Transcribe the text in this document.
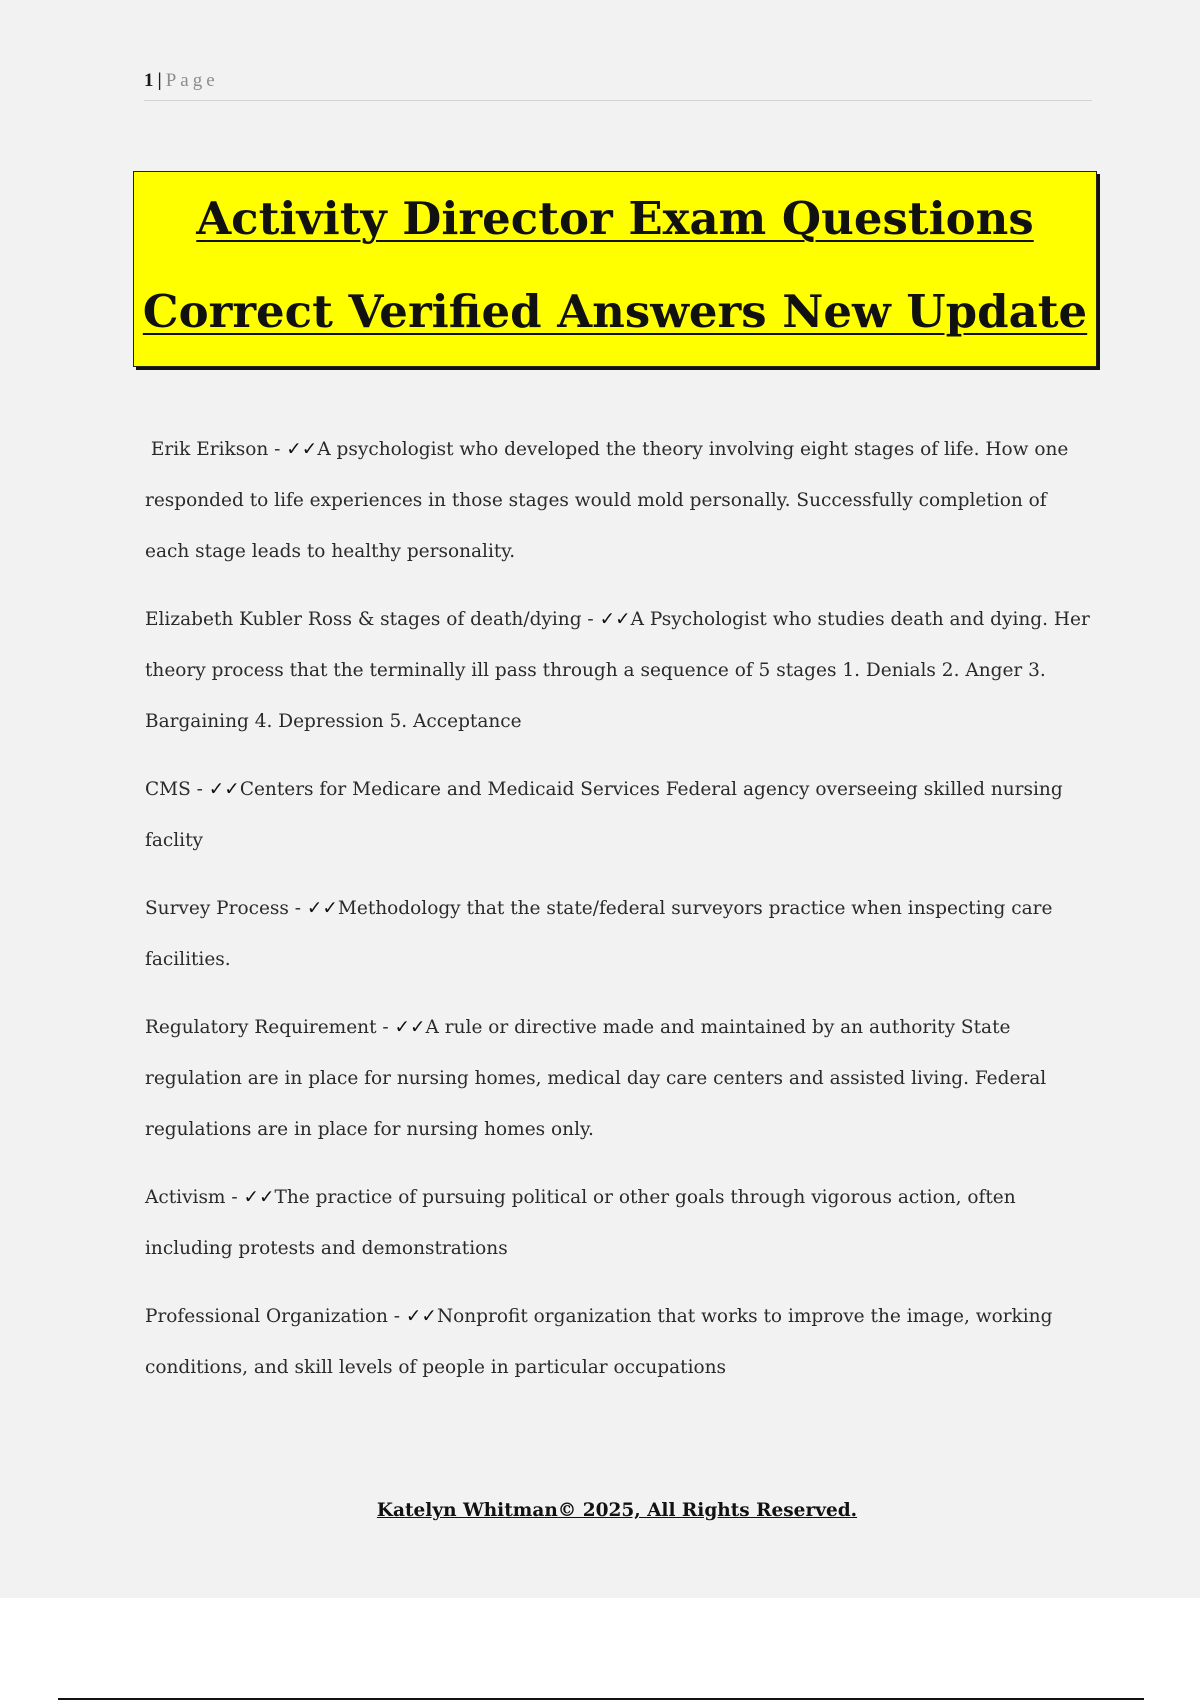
1 | Page
Activity Director Exam Questions
Correct Verified Answers New Update

Erik Erikson - ✓✓A psychologist who developed the theory involving eight stages of life. How one responded to life experiences in those stages would mold personally. Successfully completion of each stage leads to healthy personality.

Elizabeth Kubler Ross & stages of death/dying - ✓✓A Psychologist who studies death and dying. Her theory process that the terminally ill pass through a sequence of 5 stages 1. Denials 2. Anger 3. Bargaining 4. Depression 5. Acceptance

CMS - ✓✓Centers for Medicare and Medicaid Services Federal agency overseeing skilled nursing faclity

Survey Process - ✓✓Methodology that the state/federal surveyors practice when inspecting care facilities.

Regulatory Requirement - ✓✓A rule or directive made and maintained by an authority State regulation are in place for nursing homes, medical day care centers and assisted living. Federal regulations are in place for nursing homes only.

Activism - ✓✓The practice of pursuing political or other goals through vigorous action, often including protests and demonstrations

Professional Organization - ✓✓Nonprofit organization that works to improve the image, working conditions, and skill levels of people in particular occupations

Katelyn Whitman© 2025, All Rights Reserved.
